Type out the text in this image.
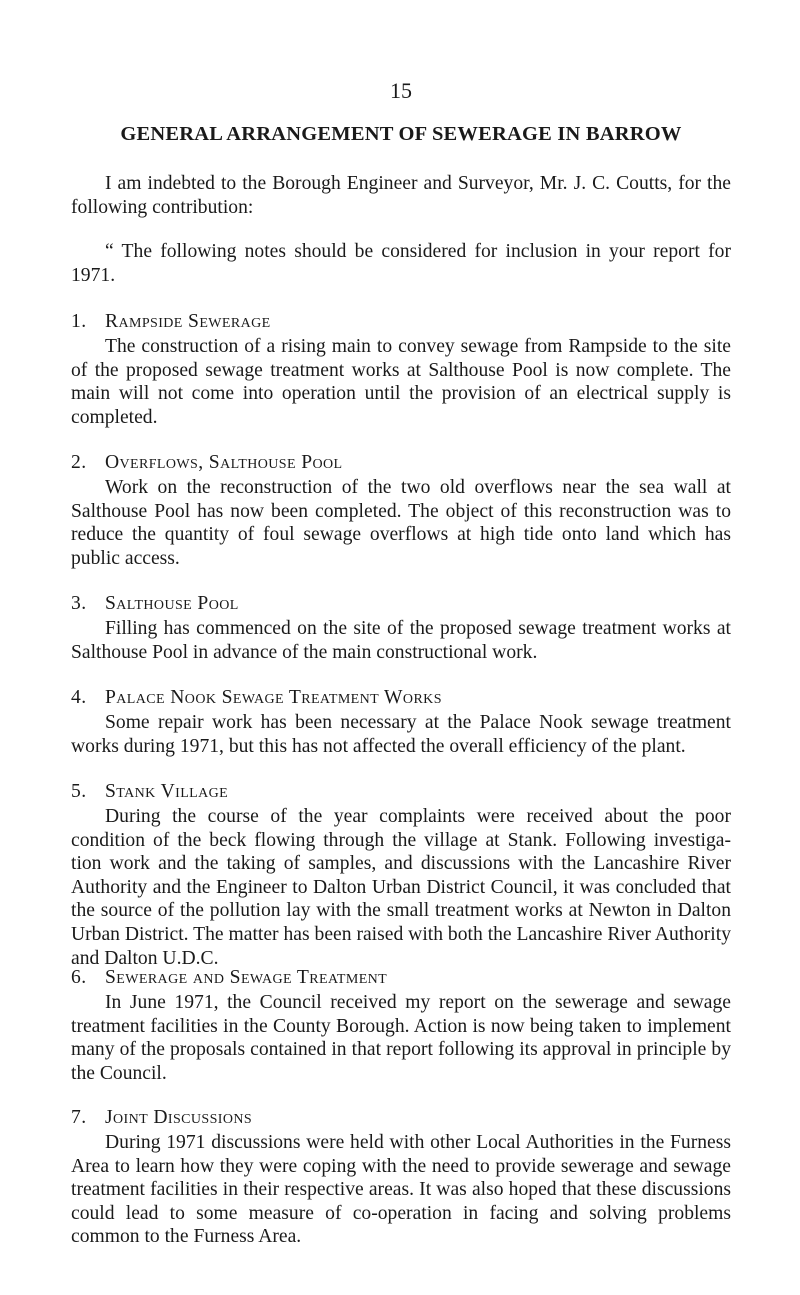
15
GENERAL ARRANGEMENT OF SEWERAGE IN BARROW

I am indebted to the Borough Engineer and Surveyor, Mr. J. C. Coutts, for the following contribution:

“ The following notes should be considered for inclusion in your report for 1971.

1. Rampside Sewerage

The construction of a rising main to convey sewage from Rampside to the site of the proposed sewage treatment works at Salthouse Pool is now complete. The main will not come into operation until the provision of an electrical supply is completed.

2. Overflows, Salthouse Pool

Work on the reconstruction of the two old overflows near the sea wall at Salthouse Pool has now been completed. The object of this reconstruction was to reduce the quantity of foul sewage overflows at high tide onto land which has public access.

3. Salthouse Pool

Filling has commenced on the site of the proposed sewage treatment works at Salthouse Pool in advance of the main constructional work.

4. Palace Nook Sewage Treatment Works

Some repair work has been necessary at the Palace Nook sewage treatment works during 1971, but this has not affected the overall efficiency of the plant.

5. Stank Village

During the course of the year complaints were received about the poor condition of the beck flowing through the village at Stank. Following investiga- tion work and the taking of samples, and discussions with the Lancashire River Authority and the Engineer to Dalton Urban District Council, it was concluded that the source of the pollution lay with the small treatment works at Newton in Dalton Urban District. The matter has been raised with both the Lancashire River Authority and Dalton U.D.C.

6. Sewerage and Sewage Treatment

In June 1971, the Council received my report on the sewerage and sewage treatment facilities in the County Borough. Action is now being taken to implement many of the proposals contained in that report following its approval in principle by the Council.

7. Joint Discussions

During 1971 discussions were held with other Local Authorities in the Furness Area to learn how they were coping with the need to provide sewerage and sewage treatment facilities in their respective areas. It was also hoped that these discussions could lead to some measure of co-operation in facing and solving problems common to the Furness Area.
